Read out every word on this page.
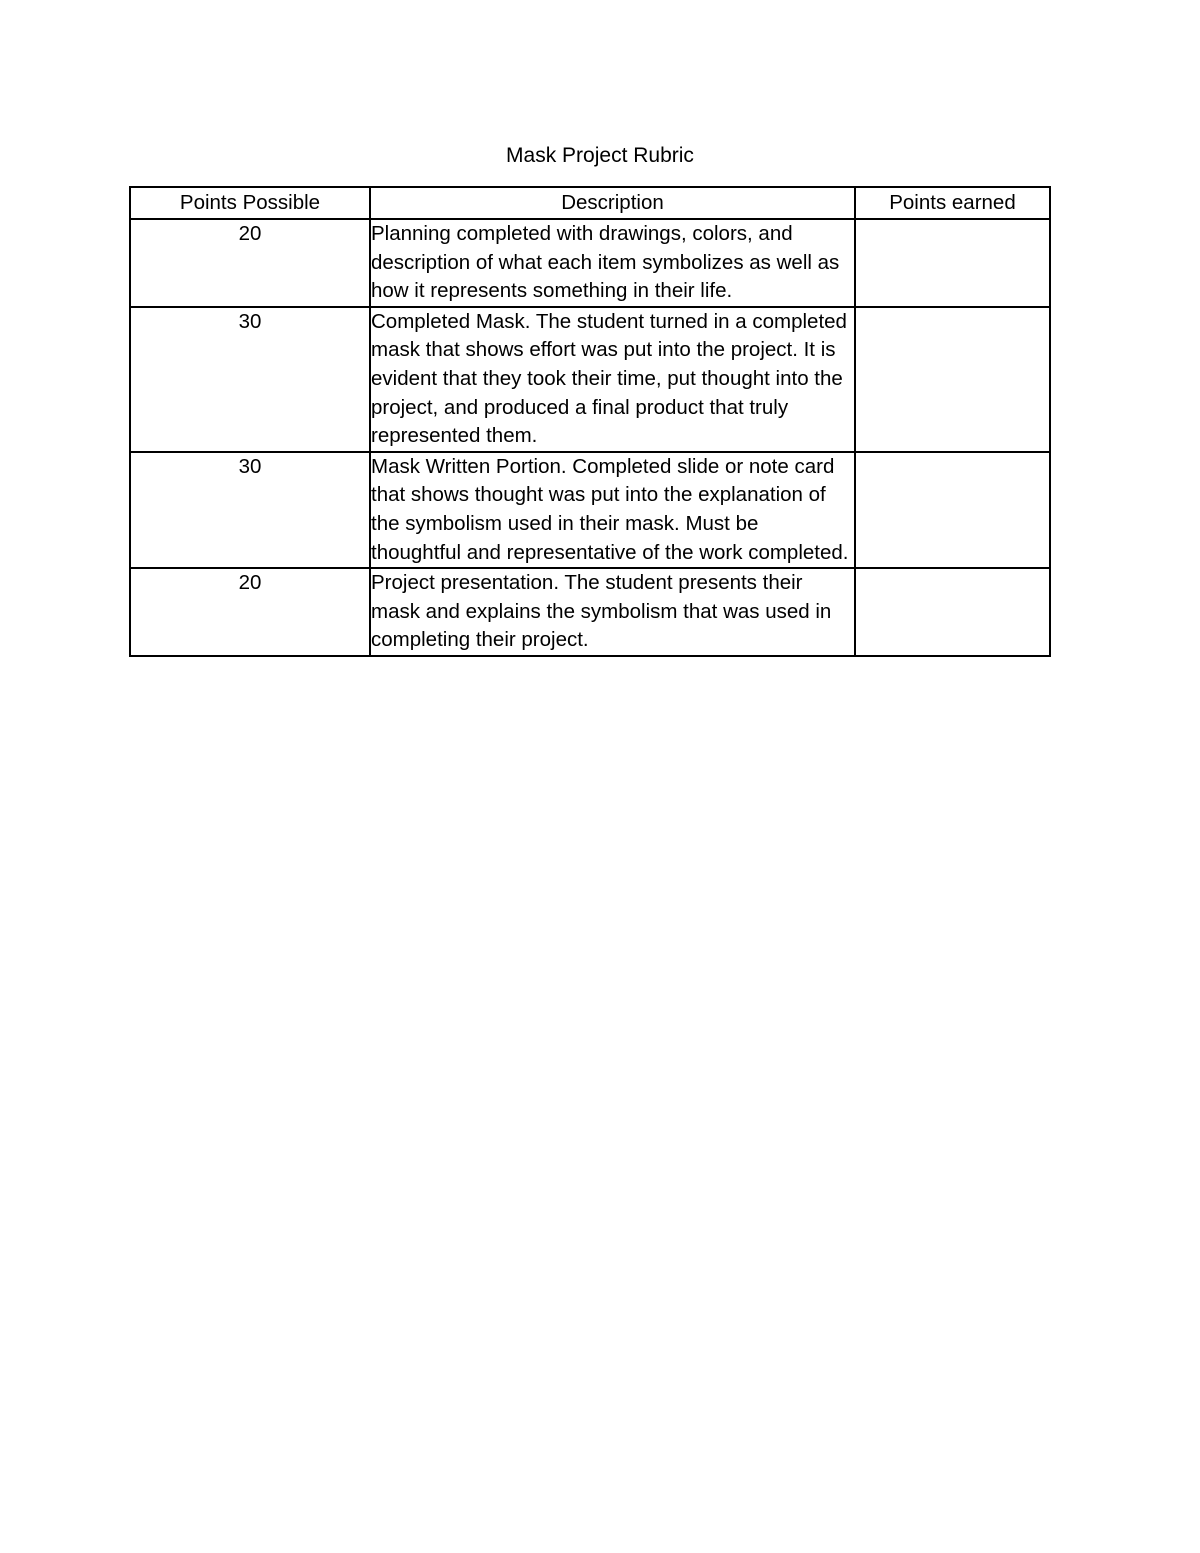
Mask Project Rubric
Points Possible	Description	Points earned
20	Planning completed with drawings, colors, and description of what each item symbolizes as well as how it represents something in their life.	
30	Completed Mask. The student turned in a completed mask that shows effort was put into the project. It is evident that they took their time, put thought into the project, and produced a final product that truly represented them.	
30	Mask Written Portion. Completed slide or note card that shows thought was put into the explanation of the symbolism used in their mask. Must be thoughtful and representative of the work completed.	
20	Project presentation. The student presents their mask and explains the symbolism that was used in completing their project.	
